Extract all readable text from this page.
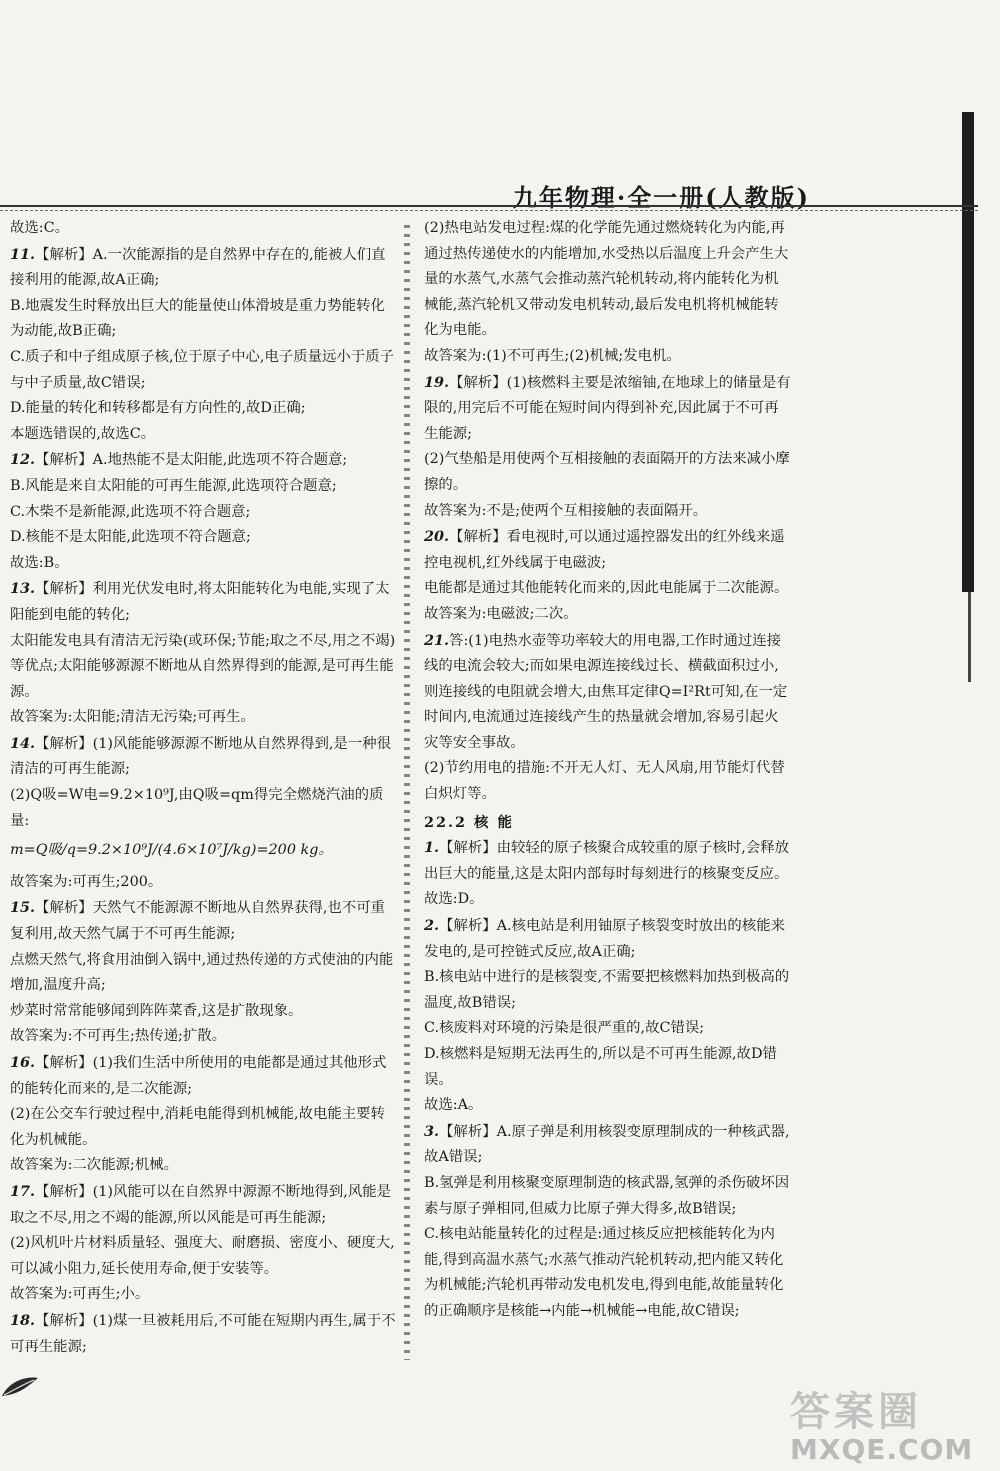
九年物理·全一册(人教版)

故选:C。

11.【解析】A.一次能源指的是自然界中存在的,能被人们直接利用的能源,故A正确;

B.地震发生时释放出巨大的能量使山体滑坡是重力势能转化为动能,故B正确;

C.质子和中子组成原子核,位于原子中心,电子质量远小于质子与中子质量,故C错误;

D.能量的转化和转移都是有方向性的,故D正确;

本题选错误的,故选C。

12.【解析】A.地热能不是太阳能,此选项不符合题意;

B.风能是来自太阳能的可再生能源,此选项符合题意;

C.木柴不是新能源,此选项不符合题意;

D.核能不是太阳能,此选项不符合题意;

故选:B。

13.【解析】利用光伏发电时,将太阳能转化为电能,实现了太阳能到电能的转化;

太阳能发电具有清洁无污染(或环保;节能;取之不尽,用之不竭)等优点;太阳能够源源不断地从自然界得到的能源,是可再生能源。

故答案为:太阳能;清洁无污染;可再生。

14.【解析】(1)风能能够源源不断地从自然界得到,是一种很清洁的可再生能源;

(2)Q吸=W电=9.2×10⁹J,由Q吸=qm得完全燃烧汽油的质量:

m=Q吸/q=9.2×10⁹J/(4.6×10⁷J/kg)=200 kg。

故答案为:可再生;200。

15.【解析】天然气不能源源不断地从自然界获得,也不可重复利用,故天然气属于不可再生能源;

点燃天然气,将食用油倒入锅中,通过热传递的方式使油的内能增加,温度升高;

炒菜时常常能够闻到阵阵菜香,这是扩散现象。

故答案为:不可再生;热传递;扩散。

16.【解析】(1)我们生活中所使用的电能都是通过其他形式的能转化而来的,是二次能源;

(2)在公交车行驶过程中,消耗电能得到机械能,故电能主要转化为机械能。

故答案为:二次能源;机械。

17.【解析】(1)风能可以在自然界中源源不断地得到,风能是取之不尽,用之不竭的能源,所以风能是可再生能源;

(2)风机叶片材料质量轻、强度大、耐磨损、密度小、硬度大,可以减小阻力,延长使用寿命,便于安装等。

故答案为:可再生;小。

18.【解析】(1)煤一旦被耗用后,不可能在短期内再生,属于不可再生能源;

(2)热电站发电过程:煤的化学能先通过燃烧转化为内能,再通过热传递使水的内能增加,水受热以后温度上升会产生大量的水蒸气,水蒸气会推动蒸汽轮机转动,将内能转化为机械能,蒸汽轮机又带动发电机转动,最后发电机将机械能转化为电能。

故答案为:(1)不可再生;(2)机械;发电机。

19.【解析】(1)核燃料主要是浓缩铀,在地球上的储量是有限的,用完后不可能在短时间内得到补充,因此属于不可再生能源;

(2)气垫船是用使两个互相接触的表面隔开的方法来减小摩擦的。

故答案为:不是;使两个互相接触的表面隔开。

20.【解析】看电视时,可以通过遥控器发出的红外线来遥控电视机,红外线属于电磁波;

电能都是通过其他能转化而来的,因此电能属于二次能源。

故答案为:电磁波;二次。

21.答:(1)电热水壶等功率较大的用电器,工作时通过连接线的电流会较大;而如果电源连接线过长、横截面积过小,则连接线的电阻就会增大,由焦耳定律Q=I²Rt可知,在一定时间内,电流通过连接线产生的热量就会增加,容易引起火灾等安全事故。

(2)节约用电的措施:不开无人灯、无人风扇,用节能灯代替白炽灯等。

22.2 核 能

1.【解析】由较轻的原子核聚合成较重的原子核时,会释放出巨大的能量,这是太阳内部每时每刻进行的核聚变反应。

故选:D。

2.【解析】A.核电站是利用铀原子核裂变时放出的核能来发电的,是可控链式反应,故A正确;

B.核电站中进行的是核裂变,不需要把核燃料加热到极高的温度,故B错误;

C.核废料对环境的污染是很严重的,故C错误;

D.核燃料是短期无法再生的,所以是不可再生能源,故D错误。

故选:A。

3.【解析】A.原子弹是利用核裂变原理制成的一种核武器,故A错误;

B.氢弹是利用核聚变原理制造的核武器,氢弹的杀伤破坏因素与原子弹相同,但威力比原子弹大得多,故B错误;

C.核电站能量转化的过程是:通过核反应把核能转化为内能,得到高温水蒸气;水蒸气推动汽轮机转动,把内能又转化为机械能;汽轮机再带动发电机发电,得到电能,故能量转化的正确顺序是核能→内能→机械能→电能,故C错误;

答案圈
MXQE.COM
